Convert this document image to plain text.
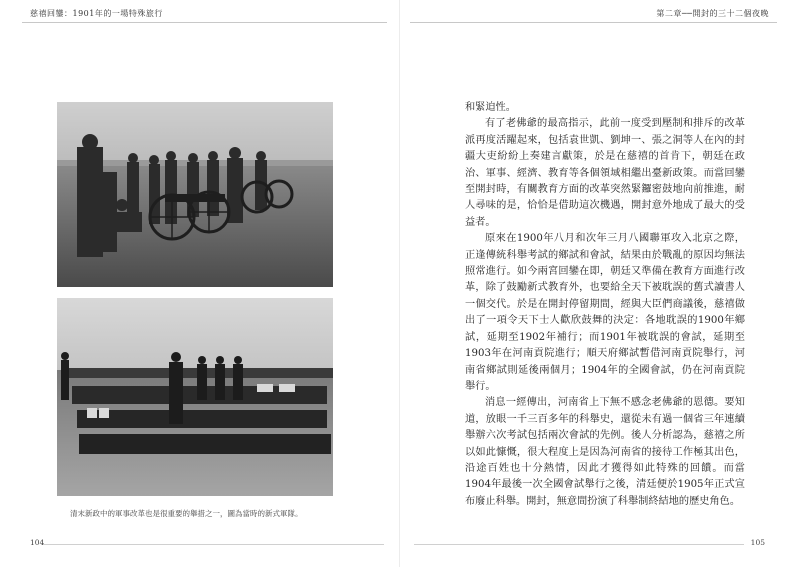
慈禧回鑾：1901年的一場特殊旅行	第二章──開封的三十二個夜晚
清末新政中的軍事改革也是很重要的舉措之一，圖為當時的新式軍隊。

和緊迫性。

有了老佛爺的最高指示，此前一度受到壓制和排斥的改革派再度活躍起來，包括袁世凱、劉坤一、張之洞等人在內的封疆大吏紛紛上奏建言獻策，於是在慈禧的首肯下，朝廷在政治、軍事、經濟、教育等各個領域相繼出臺新政策。而當回鑾至開封時，有關教育方面的改革突然緊鑼密鼓地向前推進，耐人尋味的是，恰恰是借助這次機遇，開封意外地成了最大的受益者。

原來在1900年八月和次年三月八國聯軍攻入北京之際，正逢傳統科舉考試的鄉試和會試，結果由於戰亂的原因均無法照常進行。如今兩宮回鑾在即，朝廷又準備在教育方面進行改革，除了鼓勵新式教育外，也要給全天下被耽誤的舊式讀書人一個交代。於是在開封停留期間，經與大臣們商議後，慈禧做出了一項令天下士人歡欣鼓舞的決定：各地耽誤的1900年鄉試，延期至1902年補行；而1901年被耽誤的會試，延期至1903年在河南貢院進行；順天府鄉試暫借河南貢院舉行，河南省鄉試則延後兩個月；1904年的全國會試，仍在河南貢院舉行。

消息一經傳出，河南省上下無不感念老佛爺的恩德。要知道，放眼一千三百多年的科舉史，還從未有過一個省三年連續舉辦六次考試包括兩次會試的先例。後人分析認為，慈禧之所以如此慷慨，很大程度上是因為河南省的接待工作極其出色，沿途百姓也十分熱情，因此才獲得如此特殊的回饋。而當1904年最後一次全國會試舉行之後，清廷便於1905年正式宣布廢止科舉。開封，無意間扮演了科舉制終結地的歷史角色。

104	105
